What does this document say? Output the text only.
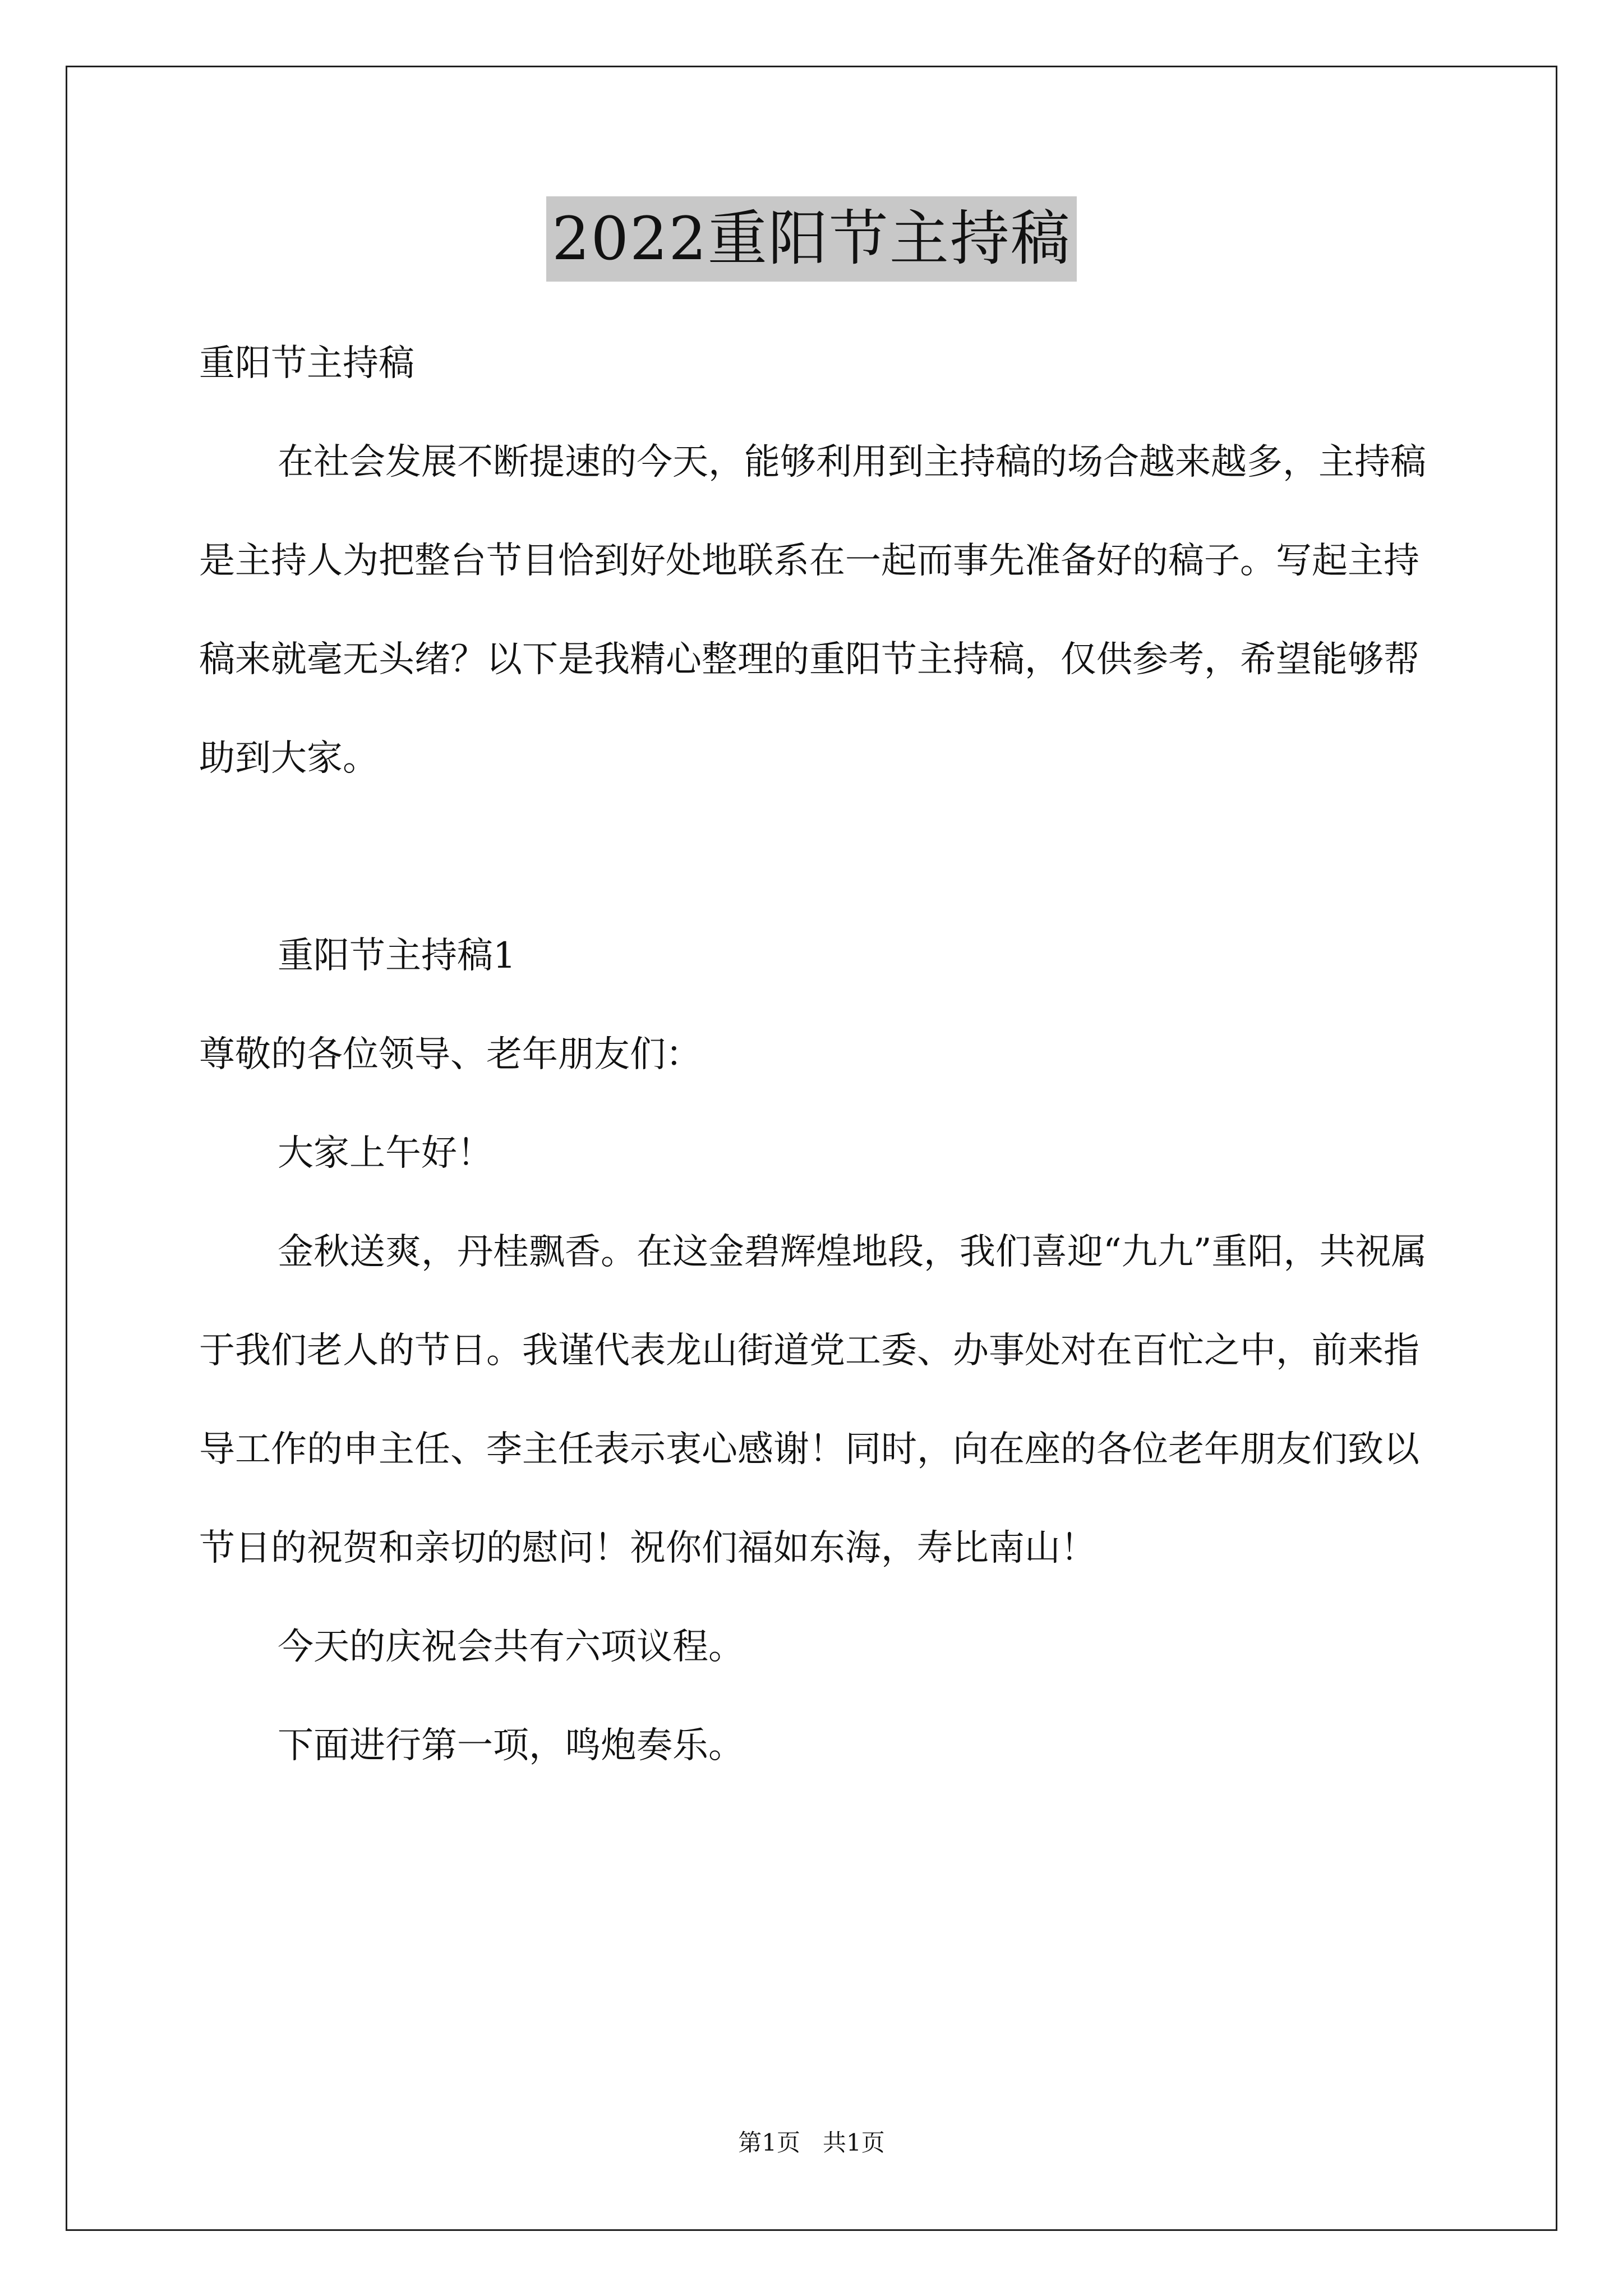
2022重阳节主持稿

重阳节主持稿

在社会发展不断提速的今天，能够利用到主持稿的场合越来越多，主持稿是主持人为把整台节目恰到好处地联系在一起而事先准备好的稿子。写起主持稿来就毫无头绪？以下是我精心整理的重阳节主持稿，仅供参考，希望能够帮助到大家。

重阳节主持稿1

尊敬的各位领导、老年朋友们：

大家上午好！

金秋送爽，丹桂飘香。在这金碧辉煌地段，我们喜迎“九九”重阳，共祝属于我们老人的节日。我谨代表龙山街道党工委、办事处对在百忙之中，前来指导工作的申主任、李主任表示衷心感谢！同时，向在座的各位老年朋友们致以节日的祝贺和亲切的慰问！祝你们福如东海，寿比南山！

今天的庆祝会共有六项议程。

下面进行第一项，鸣炮奏乐。

第1页 共1页
